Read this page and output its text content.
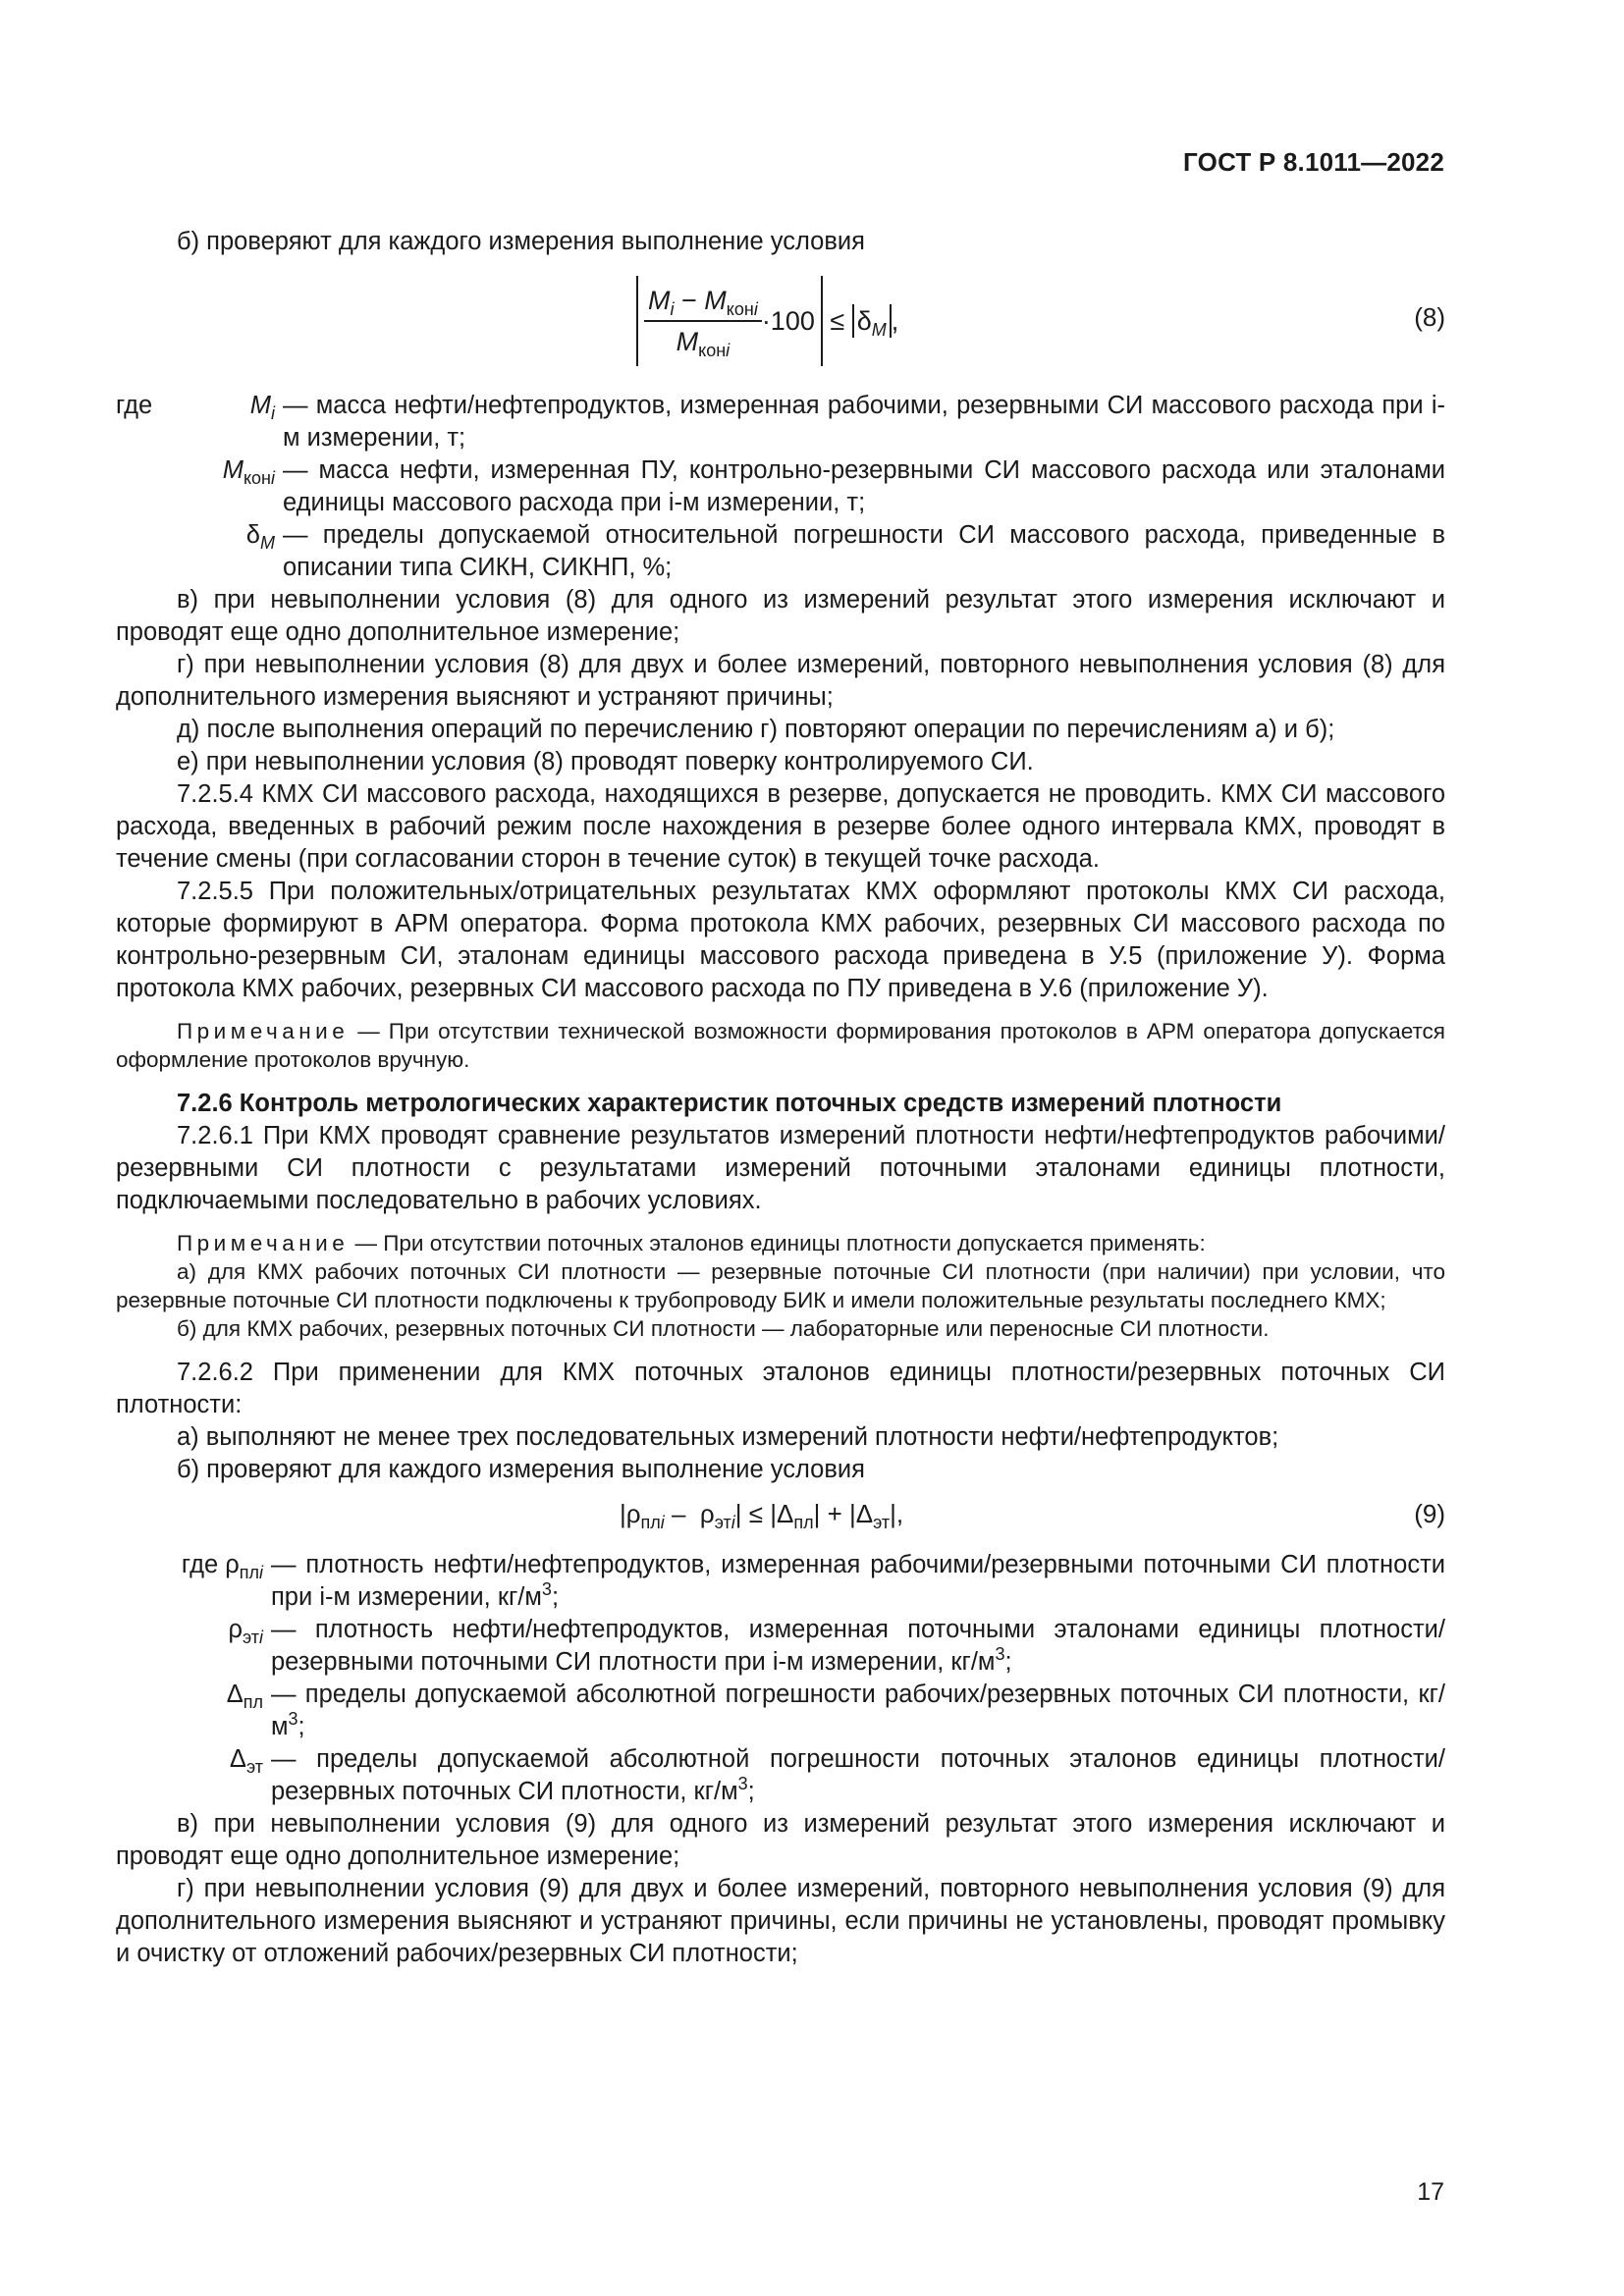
ГОСТ Р 8.1011—2022

б) проверяют для каждого измерения выполнение условия

$\frac{M_i - M_{конi}}{M_{конi}} \cdot 100 \le \delta_M$ ,	(8)
где	$M_i$ — масса нефти/нефтепродуктов, измеренная рабочими, резервными СИ массового расхода при i-м измерении, т;
$M_{конi}$ — масса нефти, измеренная ПУ, контрольно-резервными СИ массового расхода или эталонами единицы массового расхода при i-м измерении, т;
$\delta_M$ — пределы допускаемой относительной погрешности СИ массового расхода, приведенные в описании типа СИКН, СИКНП, %;

в) при невыполнении условия (8) для одного из измерений результат этого измерения исключают и проводят еще одно дополнительное измерение;

г) при невыполнении условия (8) для двух и более измерений, повторного невыполнения условия (8) для дополнительного измерения выясняют и устраняют причины;

д) после выполнения операций по перечислению г) повторяют операции по перечислениям а) и б);

е) при невыполнении условия (8) проводят поверку контролируемого СИ.

7.2.5.4 КМХ СИ массового расхода, находящихся в резерве, допускается не проводить. КМХ СИ массового расхода, введенных в рабочий режим после нахождения в резерве более одного интервала КМХ, проводят в течение смены (при согласовании сторон в течение суток) в текущей точке расхода.

7.2.5.5 При положительных/отрицательных результатах КМХ оформляют протоколы КМХ СИ расхода, которые формируют в АРМ оператора. Форма протокола КМХ рабочих, резервных СИ массового расхода по контрольно-резервным СИ, эталонам единицы массового расхода приведена в У.5 (приложение У). Форма протокола КМХ рабочих, резервных СИ массового расхода по ПУ приведена в У.6 (приложение У).

Примечание — При отсутствии технической возможности формирования протоколов в АРМ оператора допускается оформление протоколов вручную.

7.2.6 Контроль метрологических характеристик поточных средств измерений плотности

7.2.6.1 При КМХ проводят сравнение результатов измерений плотности нефти/нефтепродуктов рабочими/резервными СИ плотности с результатами измерений поточными эталонами единицы плотности, подключаемыми последовательно в рабочих условиях.

Примечание — При отсутствии поточных эталонов единицы плотности допускается применять:

а) для КМХ рабочих поточных СИ плотности — резервные поточные СИ плотности (при наличии) при условии, что резервные поточные СИ плотности подключены к трубопроводу БИК и имели положительные результаты последнего КМХ;

б) для КМХ рабочих, резервных поточных СИ плотности — лабораторные или переносные СИ плотности.

7.2.6.2 При применении для КМХ поточных эталонов единицы плотности/резервных поточных СИ плотности:

а) выполняют не менее трех последовательных измерений плотности нефти/нефтепродуктов;

б) проверяют для каждого измерения выполнение условия

$|\rho_{плi} - \rho_{этi}| \le |\Delta_{пл}| + |\Delta_{эт}|$,	(9)
где $\rho_{плi}$ — плотность нефти/нефтепродуктов, измеренная рабочими/резервными поточными СИ плотности при i-м измерении, $кг/м^3$;
$\rho_{этi}$ — плотность нефти/нефтепродуктов, измеренная поточными эталонами единицы плотности/резервными поточными СИ плотности при i-м измерении, $кг/м^3$;
$\Delta_{пл}$ — пределы допускаемой абсолютной погрешности рабочих/резервных поточных СИ плотности, $кг/м^3$;
$\Delta_{эт}$ — пределы допускаемой абсолютной погрешности поточных эталонов единицы плотности/резервных поточных СИ плотности, $кг/м^3$;

в) при невыполнении условия (9) для одного из измерений результат этого измерения исключают и проводят еще одно дополнительное измерение;

г) при невыполнении условия (9) для двух и более измерений, повторного невыполнения условия (9) для дополнительного измерения выясняют и устраняют причины, если причины не установлены, проводят промывку и очистку от отложений рабочих/резервных СИ плотности;

17
